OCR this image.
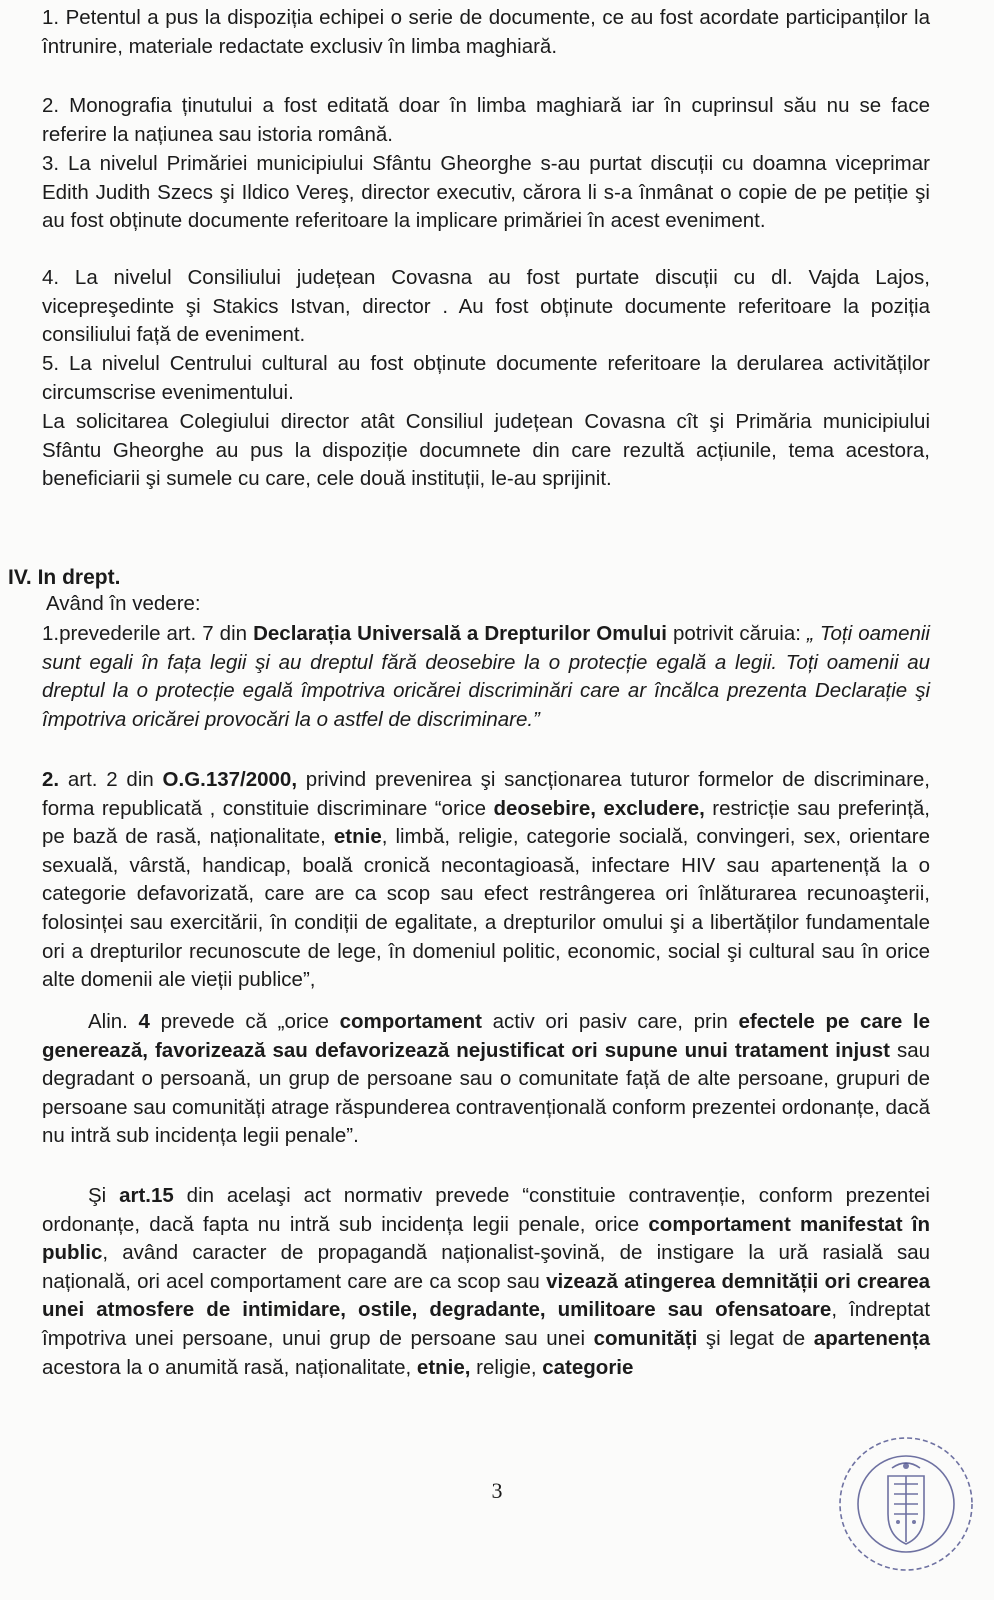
1. Petentul a pus la dispoziția echipei o serie de documente, ce au fost acordate participanților la întrunire, materiale redactate exclusiv în limba maghiară.

2. Monografia ținutului a fost editată doar în limba maghiară iar în cuprinsul său nu se face referire la națiunea sau istoria română.

3. La nivelul Primăriei municipiului Sfântu Gheorghe s-au purtat discuții cu doamna viceprimar Edith Judith Szecs şi Ildico Vereş, director executiv, cărora li s-a înmânat o copie de pe petiție şi au fost obținute documente referitoare la implicare primăriei în acest eveniment.

4. La nivelul Consiliului județean Covasna au fost purtate discuții cu dl. Vajda Lajos, vicepreşedinte şi Stakics Istvan, director . Au fost obținute documente referitoare la poziția consiliului față de eveniment.

5. La nivelul Centrului cultural au fost obținute documente referitoare la derularea activităților circumscrise evenimentului.

La solicitarea Colegiului director atât Consiliul județean Covasna cît şi Primăria municipiului Sfântu Gheorghe au pus la dispoziție documnete din care rezultă acțiunile, tema acestora, beneficiarii şi sumele cu care, cele două instituții, le-au sprijinit.

IV. In drept.

Având în vedere:

1.prevederile art. 7 din Declarația Universală a Drepturilor Omului potrivit căruia: „ Toți oamenii sunt egali în fața legii şi au dreptul fără deosebire la o protecție egală a legii. Toți oamenii au dreptul la o protecție egală împotriva oricărei discriminări care ar încălca prezenta Declarație şi împotriva oricărei provocări la o astfel de discriminare.”

2. art. 2 din O.G.137/2000, privind prevenirea şi sancționarea tuturor formelor de discriminare, forma republicată , constituie discriminare “orice deosebire, excludere, restricție sau preferință, pe bază de rasă, naționalitate, etnie, limbă, religie, categorie socială, convingeri, sex, orientare sexuală, vârstă, handicap, boală cronică necontagioasă, infectare HIV sau apartenență la o categorie defavorizată, care are ca scop sau efect restrângerea ori înlăturarea recunoaşterii, folosinței sau exercitării, în condiții de egalitate, a drepturilor omului şi a libertăților fundamentale ori a drepturilor recunoscute de lege, în domeniul politic, economic, social şi cultural sau în orice alte domenii ale vieții publice”,

Alin. 4 prevede că „orice comportament activ ori pasiv care, prin efectele pe care le generează, favorizează sau defavorizează nejustificat ori supune unui tratament injust sau degradant o persoană, un grup de persoane sau o comunitate față de alte persoane, grupuri de persoane sau comunități atrage răspunderea contravențională conform prezentei ordonanțe, dacă nu intră sub incidența legii penale”.

Şi art.15 din acelaşi act normativ prevede “constituie contravenție, conform prezentei ordonanțe, dacă fapta nu intră sub incidența legii penale, orice comportament manifestat în public, având caracter de propagandă naționalist-şovină, de instigare la ură rasială sau națională, ori acel comportament care are ca scop sau vizează atingerea demnității ori crearea unei atmosfere de intimidare, ostile, degradante, umilitoare sau ofensatoare, îndreptat împotriva unei persoane, unui grup de persoane sau unei comunități şi legat de apartenența acestora la o anumită rasă, naționalitate, etnie, religie, categorie

3
